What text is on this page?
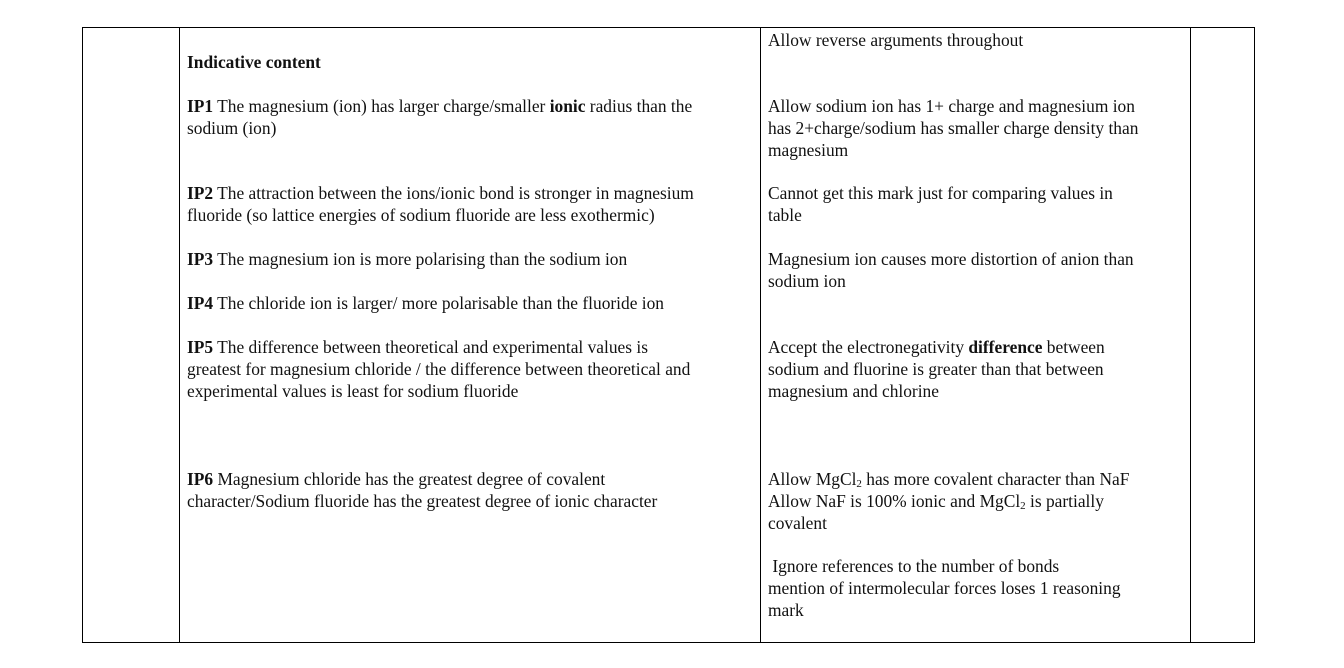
Indicative content
IP1 The magnesium (ion) has larger charge/smaller ionic radius than the
sodium (ion)
IP2 The attraction between the ions/ionic bond is stronger in magnesium
fluoride (so lattice energies of sodium fluoride are less exothermic)
IP3 The magnesium ion is more polarising than the sodium ion
IP4 The chloride ion is larger/ more polarisable than the fluoride ion
IP5 The difference between theoretical and experimental values is
greatest for magnesium chloride / the difference between theoretical and
experimental values is least for sodium fluoride
IP6 Magnesium chloride has the greatest degree of covalent
character/Sodium fluoride has the greatest degree of ionic character
Allow reverse arguments throughout
Allow sodium ion has 1+ charge and magnesium ion
has 2+charge/sodium has smaller charge density than
magnesium
Cannot get this mark just for comparing values in
table
Magnesium ion causes more distortion of anion than
sodium ion
Accept the electronegativity difference between
sodium and fluorine is greater than that between
magnesium and chlorine
Allow MgCl$_2$ has more covalent character than NaF
Allow NaF is 100% ionic and MgCl$_2$ is partially
covalent
Ignore references to the number of bonds
mention of intermolecular forces loses 1 reasoning
mark
